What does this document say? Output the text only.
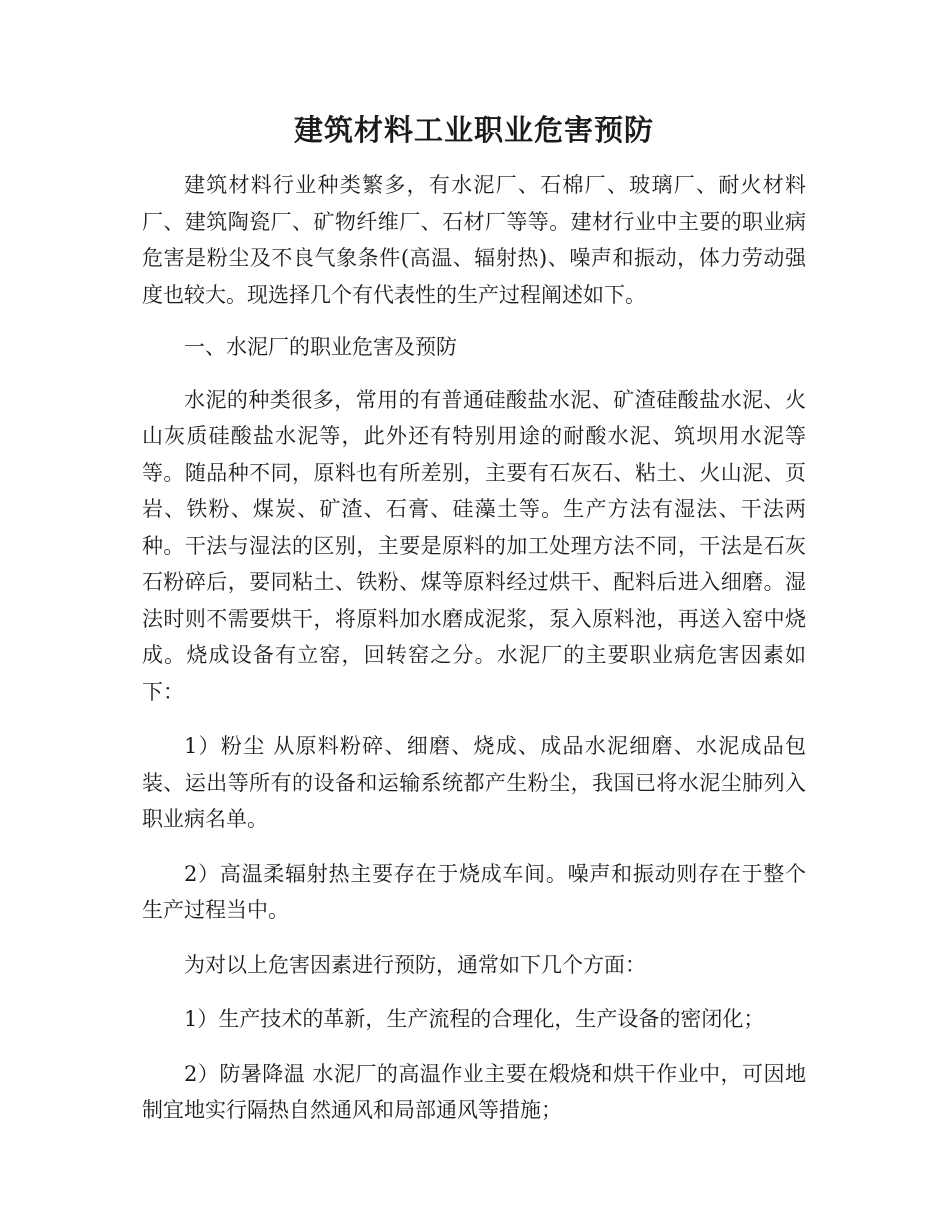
建筑材料工业职业危害预防

建筑材料行业种类繁多，有水泥厂、石棉厂、玻璃厂、耐火材料厂、建筑陶瓷厂、矿物纤维厂、石材厂等等。建材行业中主要的职业病危害是粉尘及不良气象条件(高温、辐射热)、噪声和振动，体力劳动强度也较大。现选择几个有代表性的生产过程阐述如下。

一、水泥厂的职业危害及预防

水泥的种类很多，常用的有普通硅酸盐水泥、矿渣硅酸盐水泥、火山灰质硅酸盐水泥等，此外还有特别用途的耐酸水泥、筑坝用水泥等等。随品种不同，原料也有所差别，主要有石灰石、粘土、火山泥、页岩、铁粉、煤炭、矿渣、石膏、硅藻土等。生产方法有湿法、干法两种。干法与湿法的区别，主要是原料的加工处理方法不同，干法是石灰石粉碎后，要同粘土、铁粉、煤等原料经过烘干、配料后进入细磨。湿法时则不需要烘干，将原料加水磨成泥浆，泵入原料池，再送入窑中烧成。烧成设备有立窑，回转窑之分。水泥厂的主要职业病危害因素如下：

1）粉尘 从原料粉碎、细磨、烧成、成品水泥细磨、水泥成品包装、运出等所有的设备和运输系统都产生粉尘，我国已将水泥尘肺列入职业病名单。

2）高温柔辐射热主要存在于烧成车间。噪声和振动则存在于整个生产过程当中。

为对以上危害因素进行预防，通常如下几个方面：

1）生产技术的革新，生产流程的合理化，生产设备的密闭化；

2）防暑降温 水泥厂的高温作业主要在煅烧和烘干作业中，可因地制宜地实行隔热自然通风和局部通风等措施；
